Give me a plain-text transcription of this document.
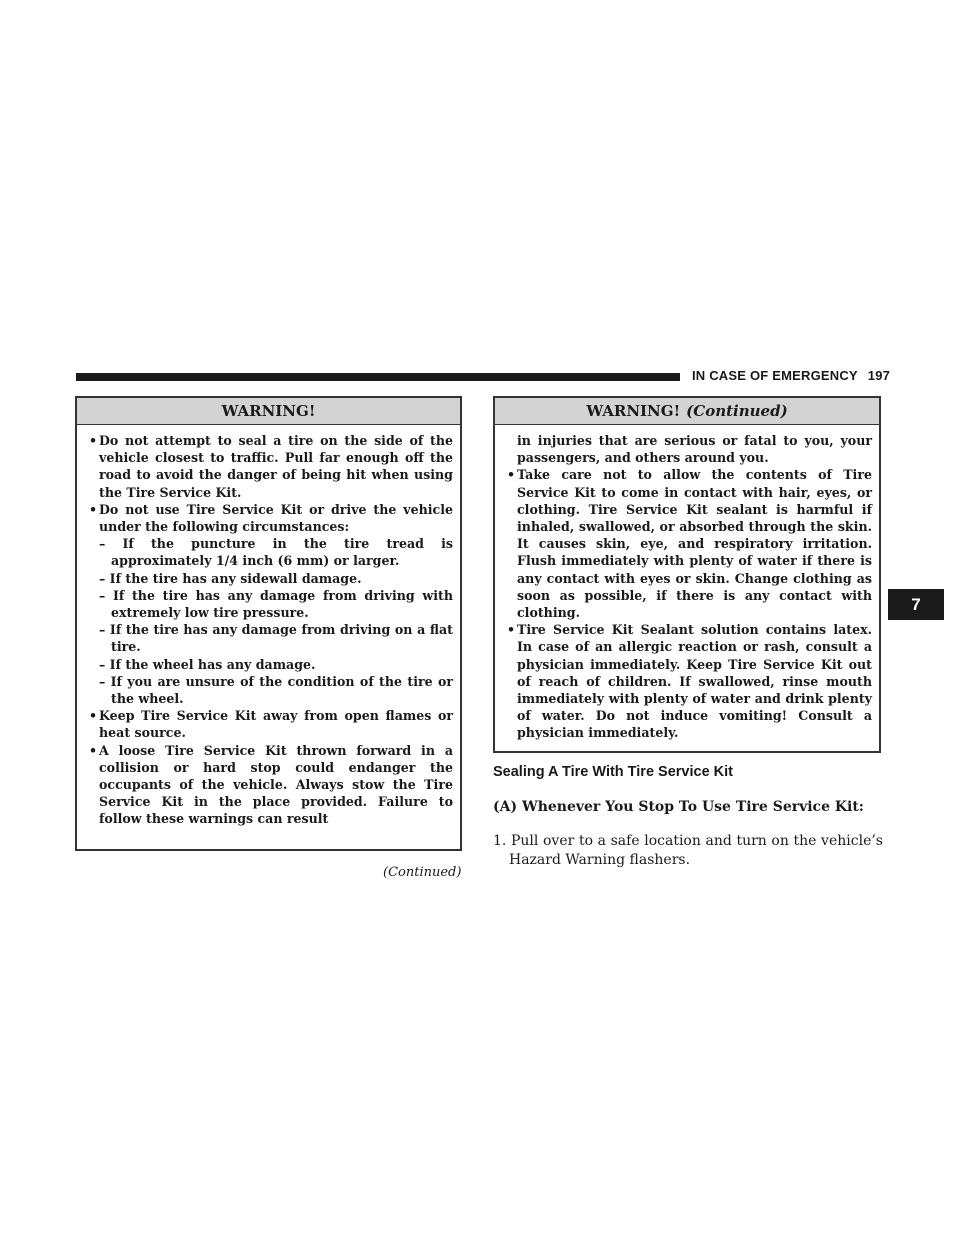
IN CASE OF EMERGENCY 197
7
WARNING!

• Do not attempt to seal a tire on the side of the vehicle closest to traffic. Pull far enough off the road to avoid the danger of being hit when using the Tire Service Kit.

• Do not use Tire Service Kit or drive the vehicle under the following circumstances:

– If the puncture in the tire tread is approximately 1/4 inch (6 mm) or larger.

– If the tire has any sidewall damage.

– If the tire has any damage from driving with extremely low tire pressure.

– If the tire has any damage from driving on a flat tire.

– If the wheel has any damage.

– If you are unsure of the condition of the tire or the wheel.

• Keep Tire Service Kit away from open flames or heat source.

• A loose Tire Service Kit thrown forward in a collision or hard stop could endanger the occupants of the vehicle. Always stow the Tire Service Kit in the place provided. Failure to follow these warnings can result

(Continued)
WARNING! (Continued)

in injuries that are serious or fatal to you, your passengers, and others around you.

• Take care not to allow the contents of Tire Service Kit to come in contact with hair, eyes, or clothing. Tire Service Kit sealant is harmful if inhaled, swallowed, or absorbed through the skin. It causes skin, eye, and respiratory irritation. Flush immediately with plenty of water if there is any contact with eyes or skin. Change clothing as soon as possible, if there is any contact with clothing.

• Tire Service Kit Sealant solution contains latex. In case of an allergic reaction or rash, consult a physician immediately. Keep Tire Service Kit out of reach of children. If swallowed, rinse mouth immediately with plenty of water and drink plenty of water. Do not induce vomiting! Consult a physician immediately.

Sealing A Tire With Tire Service Kit
(A) Whenever You Stop To Use Tire Service Kit:
1. Pull over to a safe location and turn on the vehicle’s Hazard Warning flashers.
